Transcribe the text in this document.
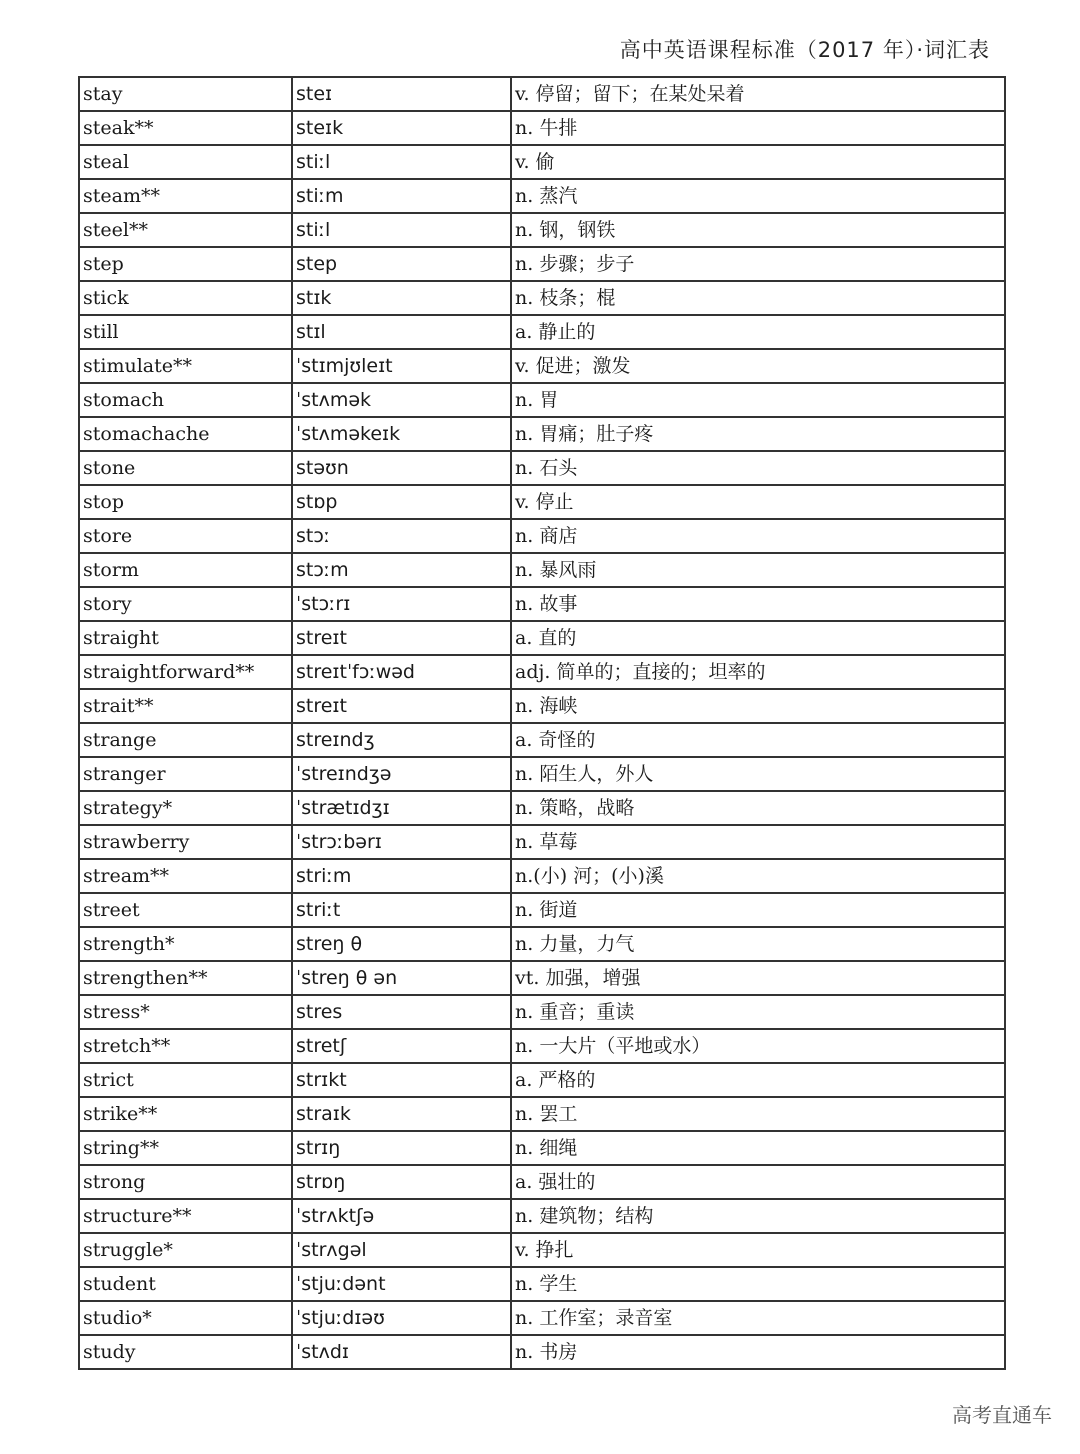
高中英语课程标准（2017 年）·词汇表
stay	steɪ	v. 停留；留下；在某处呆着
steak**	steɪk	n. 牛排
steal	stiːl	v. 偷
steam**	stiːm	n. 蒸汽
steel**	stiːl	n. 钢，钢铁
step	step	n. 步骤；步子
stick	stɪk	n. 枝条；棍
still	stɪl	a. 静止的
stimulate**	ˈstɪmjʊleɪt	v. 促进；激发
stomach	ˈstʌmək	n. 胃
stomachache	ˈstʌməkeɪk	n. 胃痛；肚子疼
stone	stəʊn	n. 石头
stop	stɒp	v. 停止
store	stɔː	n. 商店
storm	stɔːm	n. 暴风雨
story	ˈstɔːrɪ	n. 故事
straight	streɪt	a. 直的
straightforward**	streɪtˈfɔːwəd	adj. 简单的；直接的；坦率的
strait**	streɪt	n. 海峡
strange	streɪndʒ	a. 奇怪的
stranger	ˈstreɪndʒə	n. 陌生人，外人
strategy*	ˈstrætɪdʒɪ	n. 策略，战略
strawberry	ˈstrɔːbərɪ	n. 草莓
stream**	striːm	n.(小) 河；(小)溪
street	striːt	n. 街道
strength*	streŋ θ	n. 力量，力气
strengthen**	ˈstreŋ θ ən	vt. 加强，增强
stress*	stres	n. 重音；重读
stretch**	stretʃ	n. 一大片（平地或水）
strict	strɪkt	a. 严格的
strike**	straɪk	n. 罢工
string**	strɪŋ	n. 细绳
strong	strɒŋ	a. 强壮的
structure**	ˈstrʌktʃə	n. 建筑物；结构
struggle*	ˈstrʌgəl	v. 挣扎
student	ˈstjuːdənt	n. 学生
studio*	ˈstjuːdɪəʊ	n. 工作室；录音室
study	ˈstʌdɪ	n. 书房
高考直通车
